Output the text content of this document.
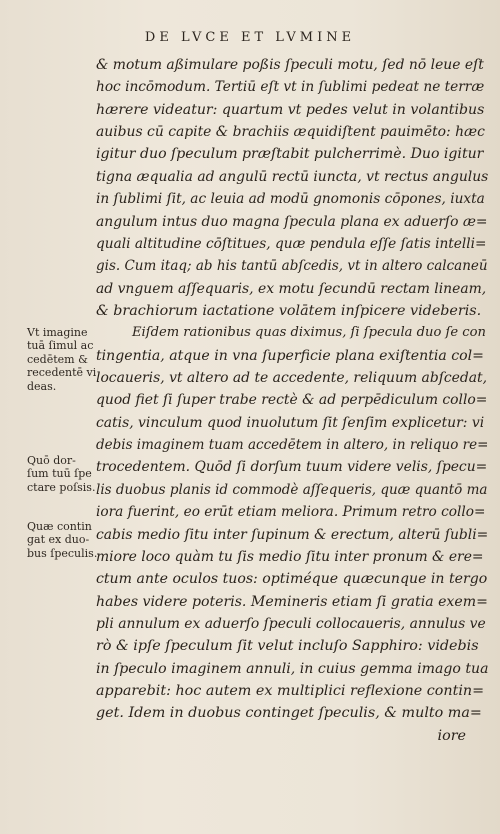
DE LVCE ET LVMINE
& motum aßimulare poßis ſpeculi motu, ſed nō leue eſt
hoc incōmodum. Tertiū eſt vt in ſublimi pedeat ne terræ
hærere videatur: quartum vt pedes velut in volantibus
auibus cū capite & brachiis æquidiſtent pauimēto: hæc
igitur duo ſpeculum præſtabit pulcherrimè. Duo igitur
tigna æqualia ad angulū rectū iuncta, vt rectus angulus
in ſublimi ſit, ac leuia ad modū gnomonis cōpones, iuxta
angulum intus duo magna ſpecula plana ex aduerſo æ=
quali altitudine cōſtitues, quæ pendula eſſe ſatis intelli=
gis. Cum itaq; ab his tantū abſcedis, vt in altero calcaneū
ad vnguem aſſequaris, ex motu ſecundū rectam lineam,
& brachiorum iactatione volātem inſpicere videberis.
Eiſdem rationibus quas diximus, ſi ſpecula duo ſe con
tingentia, atque in vna ſuperficie plana exiſtentia col=
locaueris, vt altero ad te accedente, reliquum abſcedat,
quod fiet ſi ſuper trabe rectè & ad perpēdiculum collo=
catis, vinculum quod inuolutum ſit ſenſim explicetur: vi
debis imaginem tuam accedētem in altero, in reliquo re=
trocedentem. Quōd ſi dorſum tuum videre velis, ſpecu=
lis duobus planis id commodè aſſequeris, quæ quantō ma
iora fuerint, eo erūt etiam meliora. Primum retro collo=
cabis medio ſitu inter ſupinum & erectum, alterū ſubli=
miore loco quàm tu ſis medio ſitu inter pronum & ere=
ctum ante oculos tuos: optiméque quæcunque in tergo
habes videre poteris. Memineris etiam ſi gratia exem=
pli annulum ex aduerſo ſpeculi collocaueris, annulus ve
rò & ipſe ſpeculum ſit velut incluſo Sapphiro: videbis
in ſpeculo imaginem annuli, in cuius gemma imago tua
apparebit: hoc autem ex multiplici reflexione contin=
get. Idem in duobus continget ſpeculis, & multo ma=
iore
Vt imagine
tuā ſimul ac
cedētem &
recedentē vi
deas.
Quō dor-
ſum tuū ſpe
ctare poſsis.
Quæ contin
gat ex duo-
bus ſpeculis.
